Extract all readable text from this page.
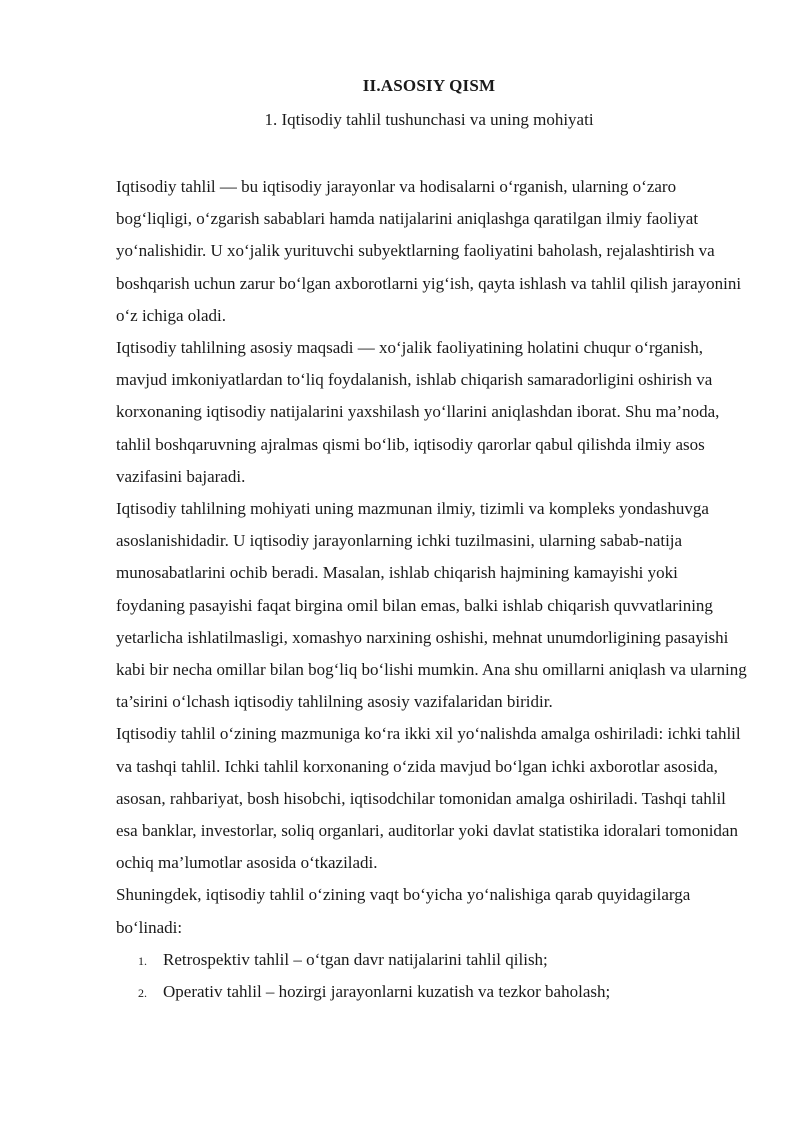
II.ASOSIY QISM
1. Iqtisodiy tahlil tushunchasi va uning mohiyati

Iqtisodiy tahlil — bu iqtisodiy jarayonlar va hodisalarni o‘rganish, ularning o‘zaro bog‘liqligi, o‘zgarish sabablari hamda natijalarini aniqlashga qaratilgan ilmiy faoliyat yo‘nalishidir. U xo‘jalik yurituvchi subyektlarning faoliyatini baholash, rejalashtirish va boshqarish uchun zarur bo‘lgan axborotlarni yig‘ish, qayta ishlash va tahlil qilish jarayonini o‘z ichiga oladi.

Iqtisodiy tahlilning asosiy maqsadi — xo‘jalik faoliyatining holatini chuqur o‘rganish, mavjud imkoniyatlardan to‘liq foydalanish, ishlab chiqarish samaradorligini oshirish va korxonaning iqtisodiy natijalarini yaxshilash yo‘llarini aniqlashdan iborat. Shu ma’noda, tahlil boshqaruvning ajralmas qismi bo‘lib, iqtisodiy qarorlar qabul qilishda ilmiy asos vazifasini bajaradi.

Iqtisodiy tahlilning mohiyati uning mazmunan ilmiy, tizimli va kompleks yondashuvga asoslanishidadir. U iqtisodiy jarayonlarning ichki tuzilmasini, ularning sabab-natija munosabatlarini ochib beradi. Masalan, ishlab chiqarish hajmining kamayishi yoki foydaning pasayishi faqat birgina omil bilan emas, balki ishlab chiqarish quvvatlarining yetarlicha ishlatilmasligi, xomashyo narxining oshishi, mehnat unumdorligining pasayishi kabi bir necha omillar bilan bog‘liq bo‘lishi mumkin. Ana shu omillarni aniqlash va ularning ta’sirini o‘lchash iqtisodiy tahlilning asosiy vazifalaridan biridir.

Iqtisodiy tahlil o‘zining mazmuniga ko‘ra ikki xil yo‘nalishda amalga oshiriladi: ichki tahlil va tashqi tahlil. Ichki tahlil korxonaning o‘zida mavjud bo‘lgan ichki axborotlar asosida, asosan, rahbariyat, bosh hisobchi, iqtisodchilar tomonidan amalga oshiriladi. Tashqi tahlil esa banklar, investorlar, soliq organlari, auditorlar yoki davlat statistika idoralari tomonidan ochiq ma’lumotlar asosida o‘tkaziladi.

Shuningdek, iqtisodiy tahlil o‘zining vaqt bo‘yicha yo‘nalishiga qarab quyidagilarga bo‘linadi:

1. Retrospektiv tahlil – o‘tgan davr natijalarini tahlil qilish;
2. Operativ tahlil – hozirgi jarayonlarni kuzatish va tezkor baholash;
